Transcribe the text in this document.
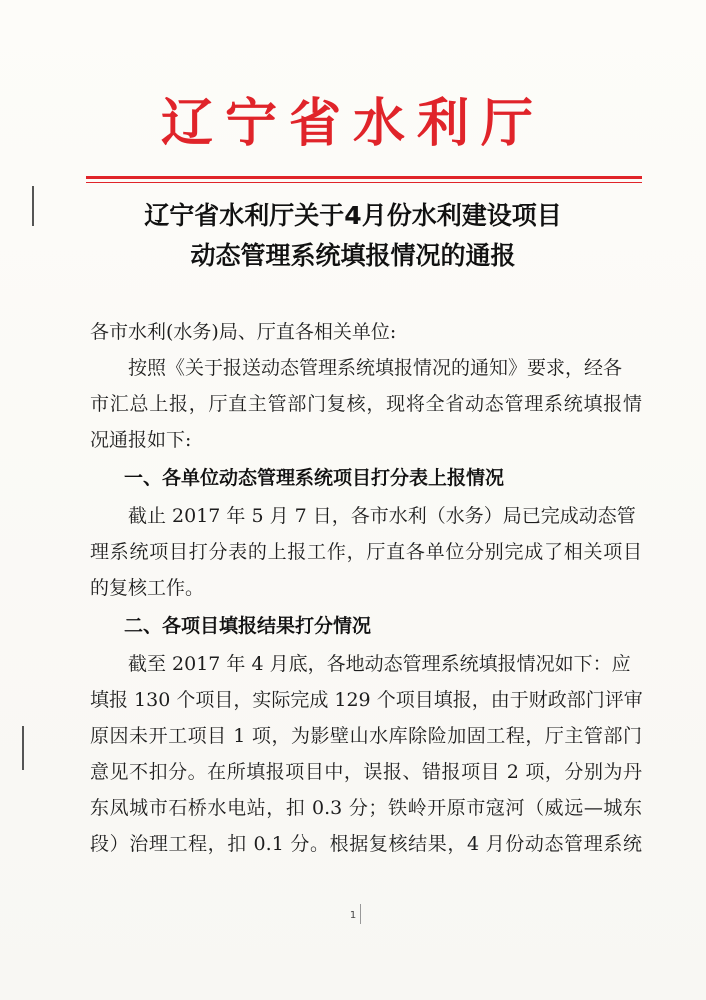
辽宁省水利厅
辽宁省水利厅关于4月份水利建设项目
动态管理系统填报情况的通报
各市水利(水务)局、厅直各相关单位:
按照《关于报送动态管理系统填报情况的通知》要求，经各
市汇总上报，厅直主管部门复核，现将全省动态管理系统填报情
况通报如下:
一、各单位动态管理系统项目打分表上报情况
截止 2017 年 5 月 7 日，各市水利（水务）局已完成动态管
理系统项目打分表的上报工作，厅直各单位分别完成了相关项目
的复核工作。
二、各项目填报结果打分情况
截至 2017 年 4 月底，各地动态管理系统填报情况如下：应
填报 130 个项目，实际完成 129 个项目填报，由于财政部门评审
原因未开工项目 1 项，为影壁山水库除险加固工程，厅主管部门
意见不扣分。在所填报项目中，误报、错报项目 2 项，分别为丹
东凤城市石桥水电站，扣 0.3 分；铁岭开原市寇河（威远—城东
段）治理工程，扣 0.1 分。根据复核结果，4 月份动态管理系统
1
